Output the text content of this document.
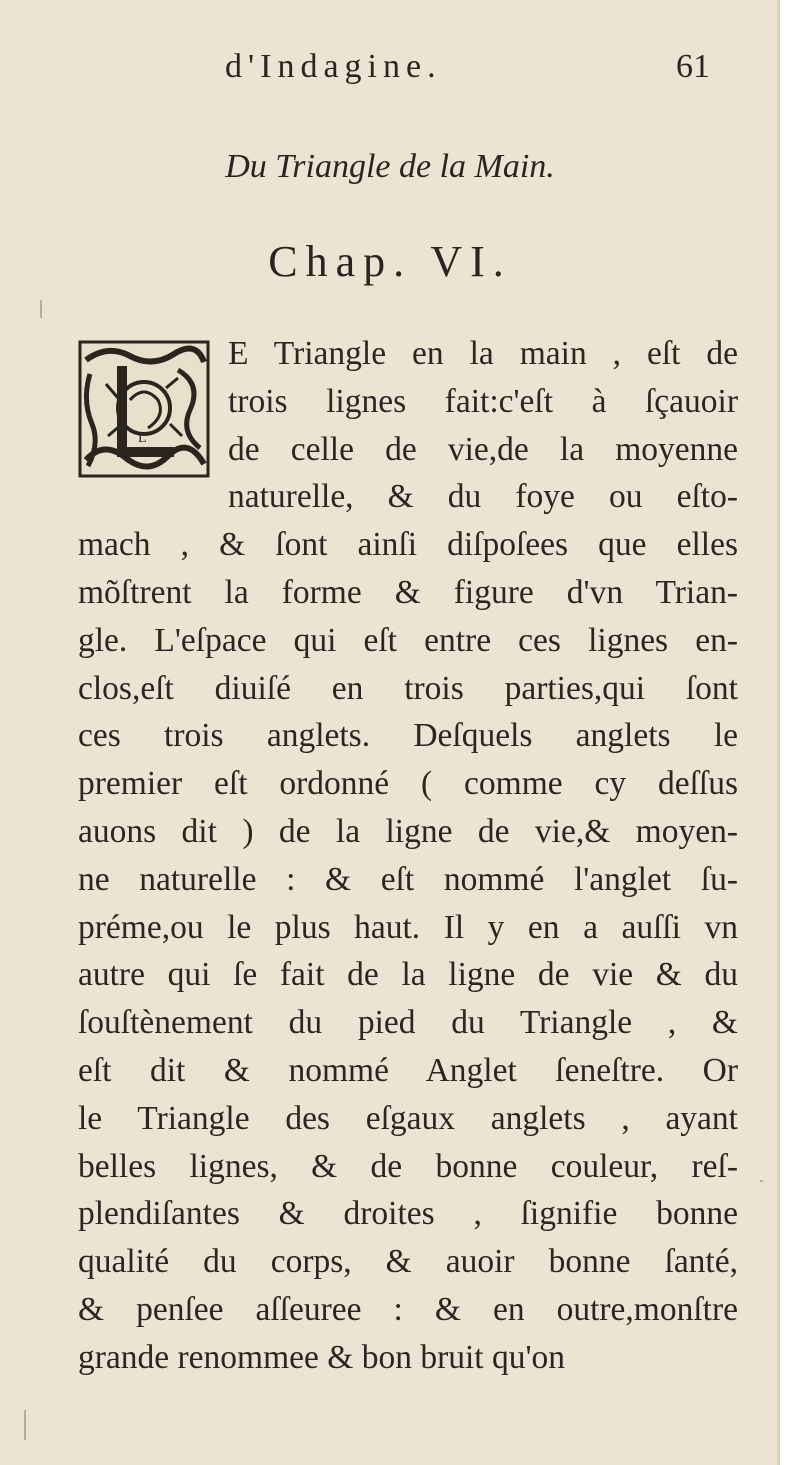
d'Indagine.	61
Du Triangle de la Main.
Chap. VI.
L
E Triangle en la main , eſt de
trois lignes fait:c'eſt à ſçauoir
de celle de vie,de la moyenne
naturelle, & du foye ou eſto-
mach , & ſont ainſi diſpoſees que elles
mõſtrent la forme & figure d'vn Trian-
gle. L'eſpace qui eſt entre ces lignes en-
clos,eſt diuiſé en trois parties,qui ſont
ces trois anglets. Deſquels anglets le
premier eſt ordonné ( comme cy deſſus
auons dit ) de la ligne de vie,& moyen-
ne naturelle : & eſt nommé l'anglet ſu-
préme,ou le plus haut. Il y en a auſſi vn
autre qui ſe fait de la ligne de vie & du
ſouſtènement du pied du Triangle , &
eſt dit & nommé Anglet ſeneſtre. Or
le Triangle des eſgaux anglets , ayant
belles lignes, & de bonne couleur, reſ-
plendiſantes & droites , ſignifie bonne
qualité du corps, & auoir bonne ſanté,
& penſee aſſeuree : & en outre,monſtre
grande renommee & bon bruit qu'on
